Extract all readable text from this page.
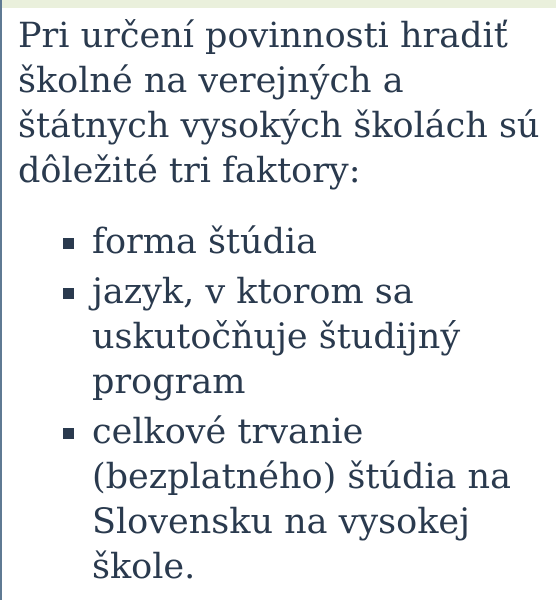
Pri určení povinnosti hradiť školné na verejných a štátnych vysokých školách sú dôležité tri faktory:

forma štúdia
jazyk, v ktorom sa uskutočňuje študijný program
celkové trvanie (bezplatného) štúdia na Slovensku na vysokej škole.
